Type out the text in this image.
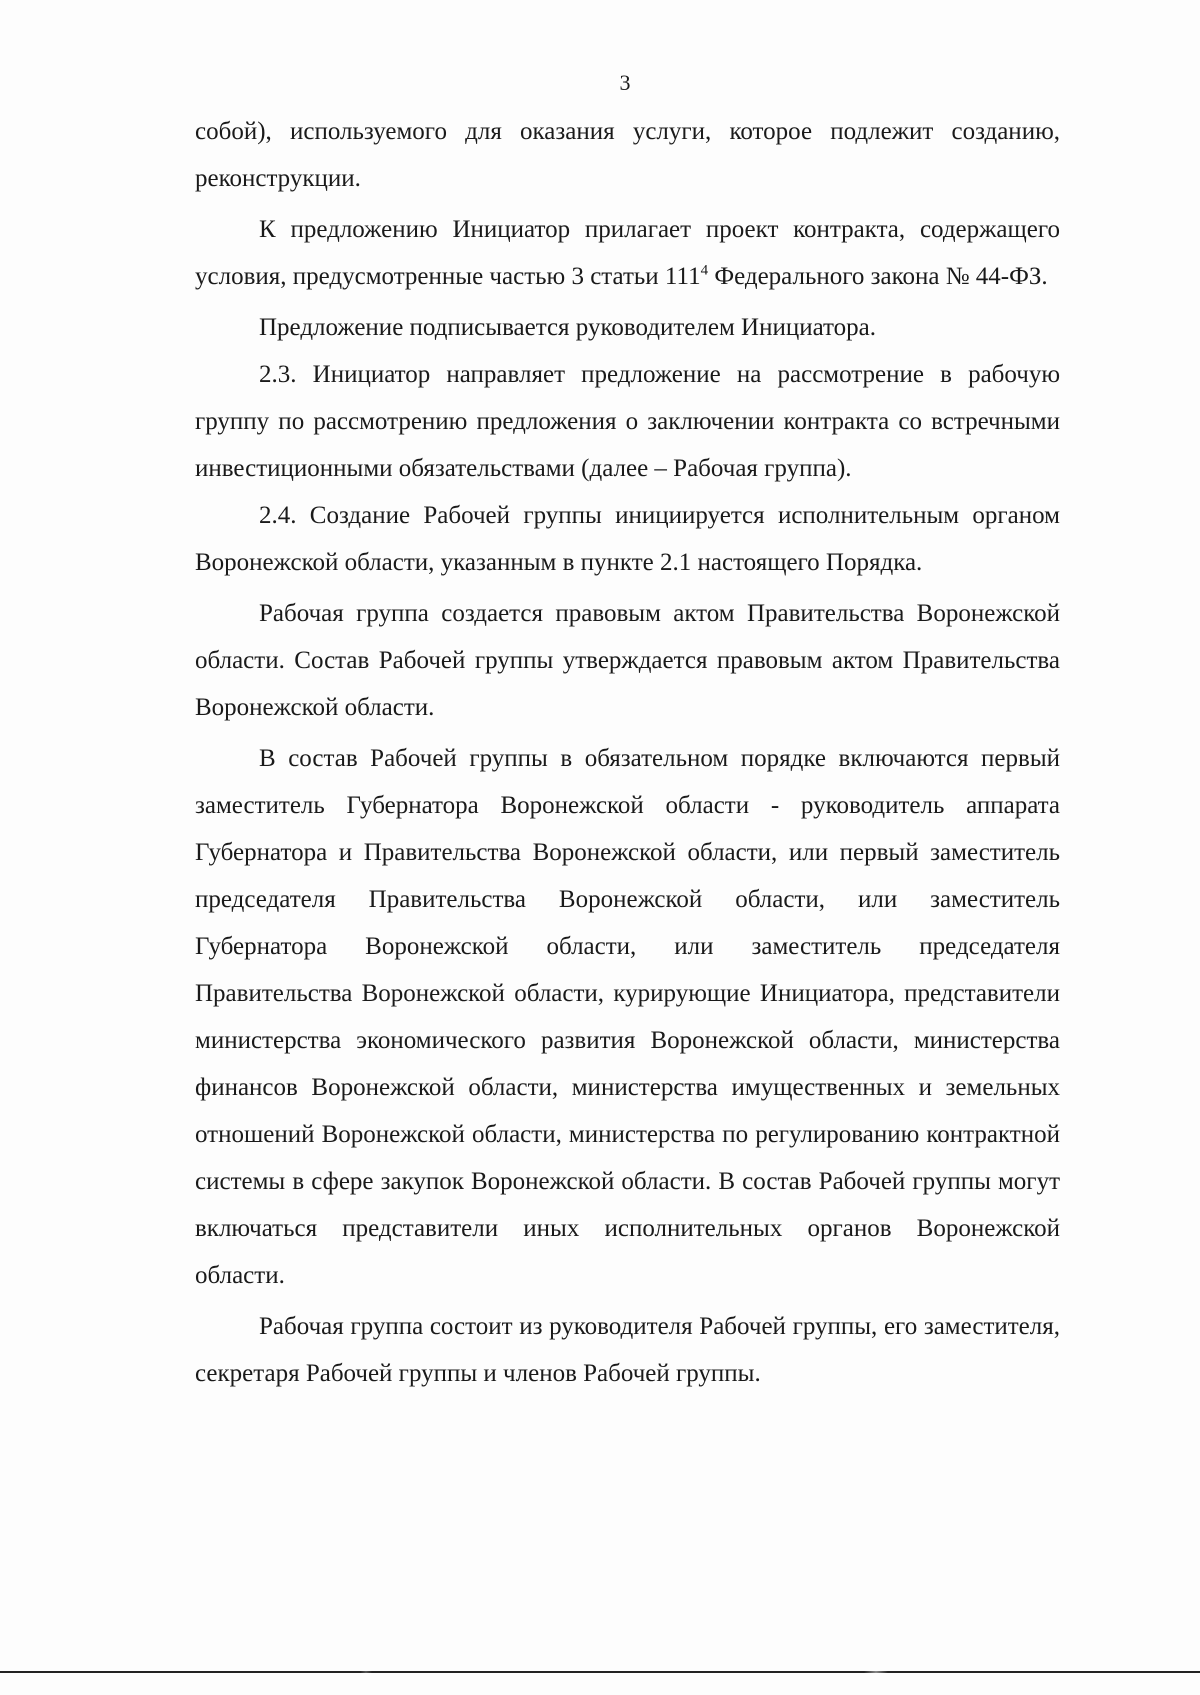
3

собой), используемого для оказания услуги, которое подлежит созданию, реконструкции.

К предложению Инициатор прилагает проект контракта, содержащего условия, предусмотренные частью 3 статьи $111^4$ Федерального закона № 44-ФЗ.

Предложение подписывается руководителем Инициатора.

2.3. Инициатор направляет предложение на рассмотрение в рабочую группу по рассмотрению предложения о заключении контракта со встречными инвестиционными обязательствами (далее – Рабочая группа).

2.4. Создание Рабочей группы инициируется исполнительным органом Воронежской области, указанным в пункте 2.1 настоящего Порядка.

Рабочая группа создается правовым актом Правительства Воронежской области. Состав Рабочей группы утверждается правовым актом Правительства Воронежской области.

В состав Рабочей группы в обязательном порядке включаются первый заместитель Губернатора Воронежской области - руководитель аппарата Губернатора и Правительства Воронежской области, или первый заместитель председателя Правительства Воронежской области, или заместитель Губернатора Воронежской области, или заместитель председателя Правительства Воронежской области, курирующие Инициатора, представители министерства экономического развития Воронежской области, министерства финансов Воронежской области, министерства имущественных и земельных отношений Воронежской области, министерства по регулированию контрактной системы в сфере закупок Воронежской области. В состав Рабочей группы могут включаться представители иных исполнительных органов Воронежской области.

Рабочая группа состоит из руководителя Рабочей группы, его заместителя, секретаря Рабочей группы и членов Рабочей группы.
